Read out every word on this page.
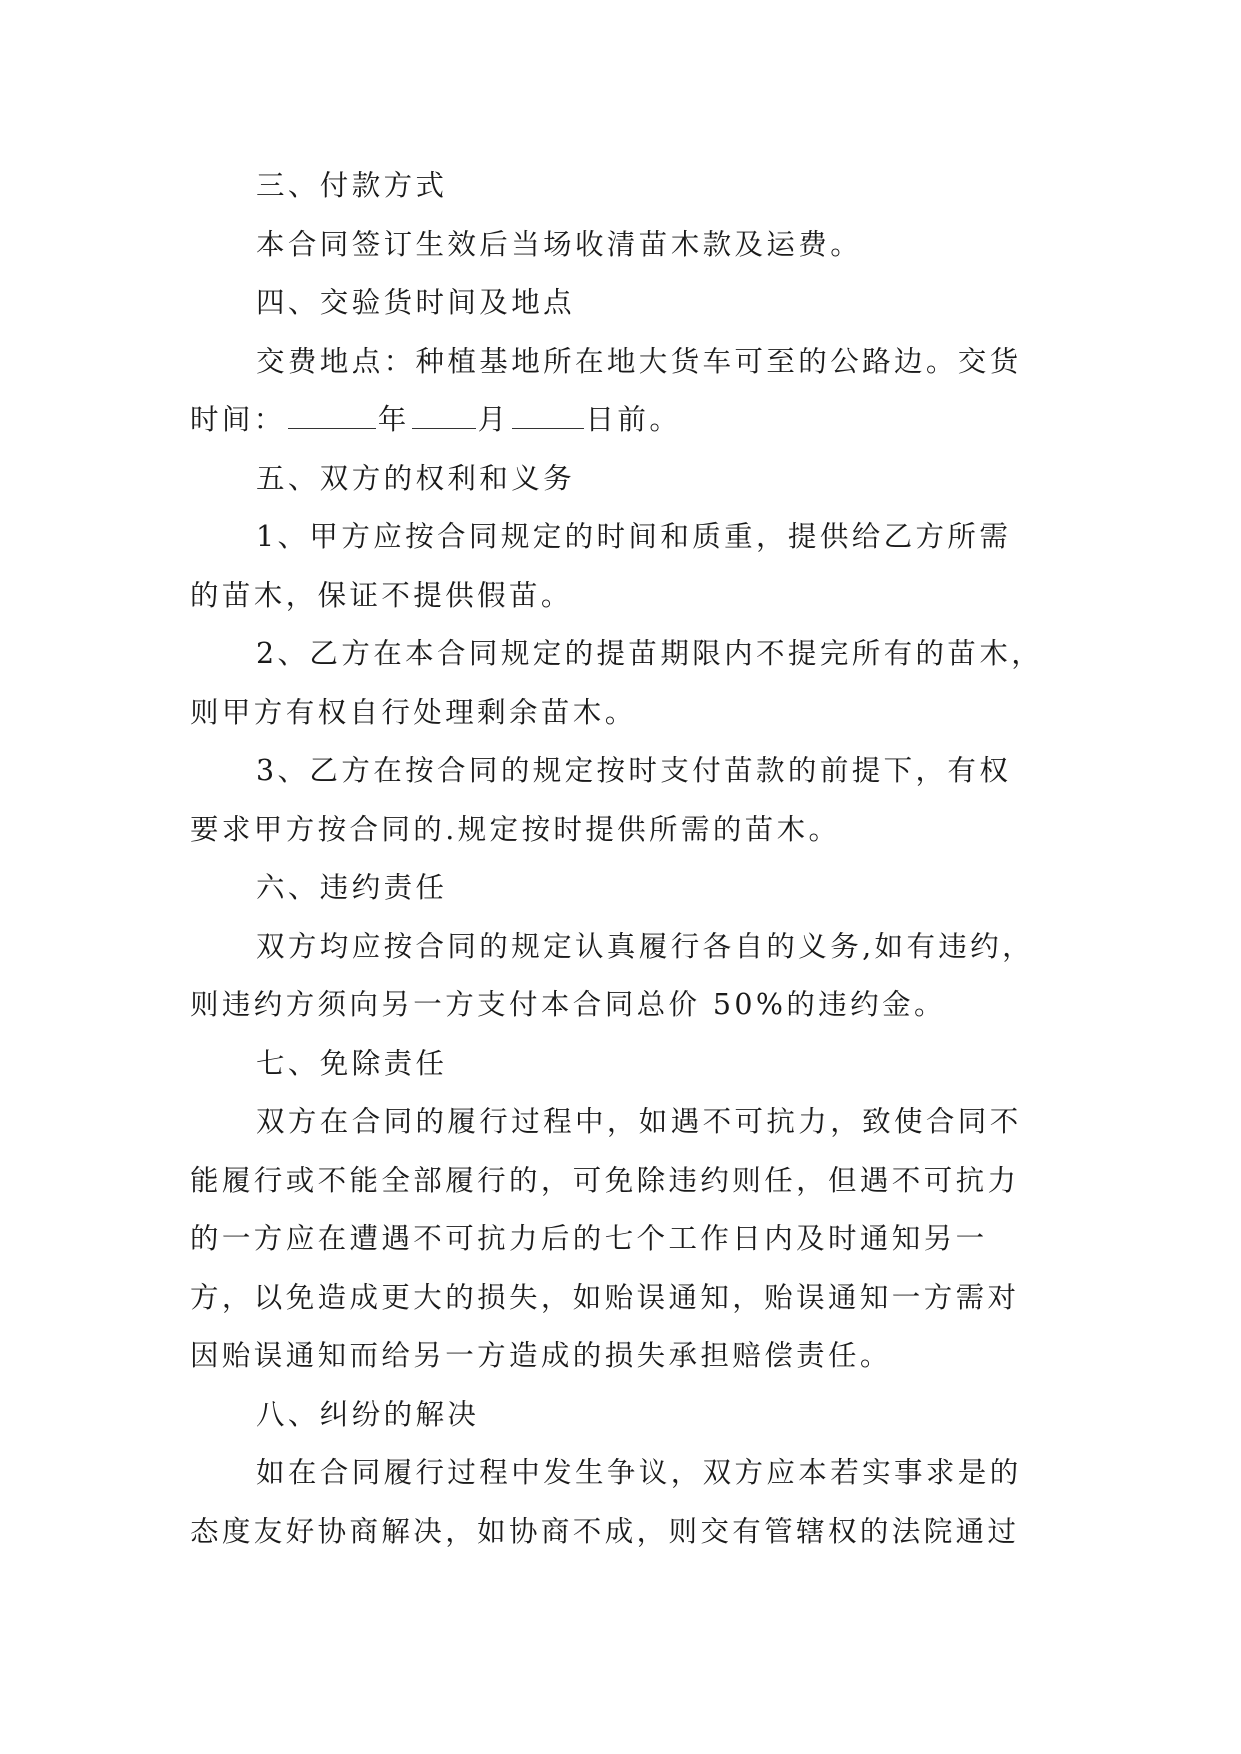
三、付款方式

本合同签订生效后当场收清苗木款及运费。

四、交验货时间及地点

交费地点：种植基地所在地大货车可至的公路边。交货
时间：	年 月	日前。

五、双方的权利和义务

1、甲方应按合同规定的时间和质重，提供给乙方所需
的苗木，保证不提供假苗。
2、乙方在本合同规定的提苗期限内不提完所有的苗木，
则甲方有权自行处理剩余苗木。
3、乙方在按合同的规定按时支付苗款的前提下，有权
要求甲方按合同的.规定按时提供所需的苗木。

六、违约责任

双方均应按合同的规定认真履行各自的义务,如有违约，
则违约方须向另一方支付本合同总价 50%的违约金。

七、免除责任

双方在合同的履行过程中，如遇不可抗力，致使合同不
能履行或不能全部履行的，可免除违约则任，但遇不可抗力
的一方应在遭遇不可抗力后的七个工作日内及时通知另一
方，以免造成更大的损失，如贻误通知，贻误通知一方需对
因贻误通知而给另一方造成的损失承担赔偿责任。

八、纠纷的解决

如在合同履行过程中发生争议，双方应本若实事求是的
态度友好协商解决，如协商不成，则交有管辖权的法院通过
